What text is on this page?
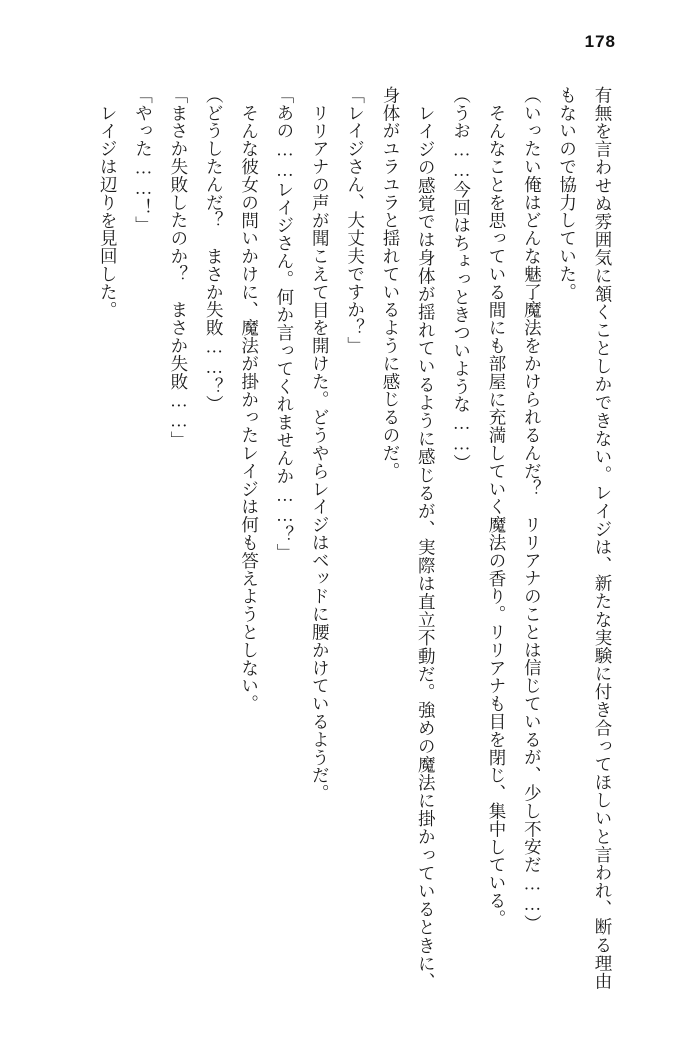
178

有無を言わせぬ雰囲気に頷くことしかできない。レイジは、新たな実験に付き合ってほしいと言われ、断る理由もないので協力していた。

（いったい俺はどんな魅了魔法をかけられるんだ？　リリアナのことは信じているが、少し不安だ……）

そんなことを思っている間にも部屋に充満していく魔法の香り。リリアナも目を閉じ、集中している。

（うお……今回はちょっときついような……）

レイジの感覚では身体が揺れているように感じるが、実際は直立不動だ。強めの魔法に掛かっているときに、身体がユラユラと揺れているように感じるのだ。

「レイジさん、大丈夫ですか？」

リリアナの声が聞こえて目を開けた。どうやらレイジはベッドに腰かけているようだ。

「あの……レイジさん。何か言ってくれませんか……？」

そんな彼女の問いかけに、魔法が掛かったレイジは何も答えようとしない。

（どうしたんだ？　まさか失敗……？）

「まさか失敗したのか？　まさか失敗……」

「やった……！」

レイジは辺りを見回した。
